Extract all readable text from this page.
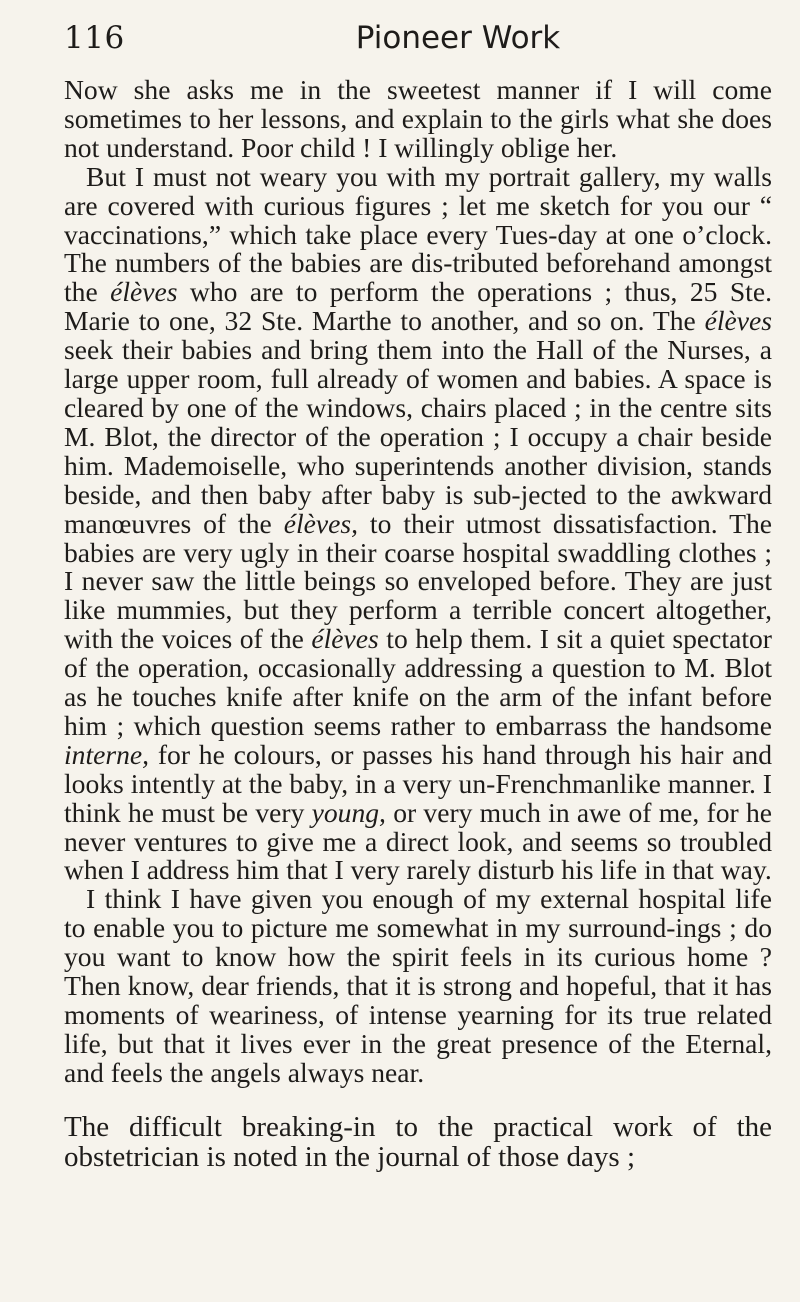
116	Pioneer Work

Now she asks me in the sweetest manner if I will come sometimes to her lessons, and explain to the girls what she does not understand. Poor child ! I willingly oblige her.

But I must not weary you with my portrait gallery, my walls are covered with curious figures ; let me sketch for you our “ vaccinations,” which take place every Tues-day at one o’clock. The numbers of the babies are dis-tributed beforehand amongst the élèves who are to perform the operations ; thus, 25 Ste. Marie to one, 32 Ste. Marthe to another, and so on. The élèves seek their babies and bring them into the Hall of the Nurses, a large upper room, full already of women and babies. A space is cleared by one of the windows, chairs placed ; in the centre sits M. Blot, the director of the operation ; I occupy a chair beside him. Mademoiselle, who superintends another division, stands beside, and then baby after baby is sub-jected to the awkward manœuvres of the élèves, to their utmost dissatisfaction. The babies are very ugly in their coarse hospital swaddling clothes ; I never saw the little beings so enveloped before. They are just like mummies, but they perform a terrible concert altogether, with the voices of the élèves to help them. I sit a quiet spectator of the operation, occasionally addressing a question to M. Blot as he touches knife after knife on the arm of the infant before him ; which question seems rather to embarrass the handsome interne, for he colours, or passes his hand through his hair and looks intently at the baby, in a very un-Frenchmanlike manner. I think he must be very young, or very much in awe of me, for he never ventures to give me a direct look, and seems so troubled when I address him that I very rarely disturb his life in that way.

I think I have given you enough of my external hospital life to enable you to picture me somewhat in my surround-ings ; do you want to know how the spirit feels in its curious home ? Then know, dear friends, that it is strong and hopeful, that it has moments of weariness, of intense yearning for its true related life, but that it lives ever in the great presence of the Eternal, and feels the angels always near.

The difficult breaking-in to the practical work of the obstetrician is noted in the journal of those days ;
